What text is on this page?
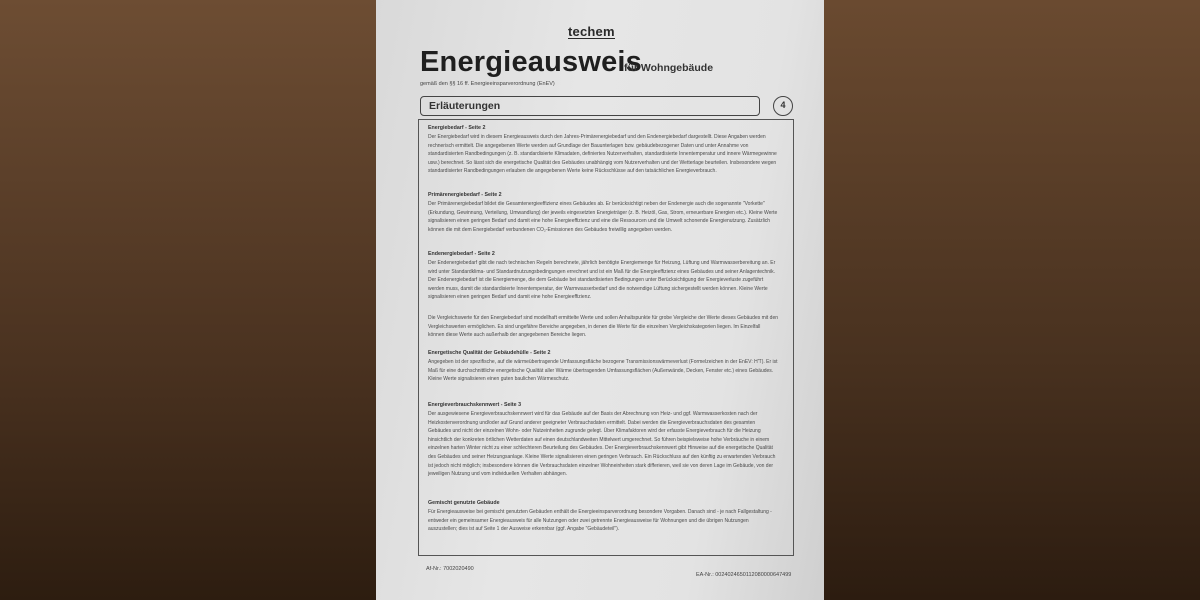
techem
Energieausweis
für Wohngebäude
gemäß den §§ 16 ff. Energieeinsparverordnung (EnEV)
Erläuterungen	4
Energiebedarf - Seite 2

Der Energiebedarf wird in diesem Energieausweis durch den Jahres-Primärenergiebedarf und den Endenergiebedarf dargestellt. Diese Angaben werden rechnerisch ermittelt. Die angegebenen Werte werden auf Grundlage der Bauunterlagen bzw. gebäudebezogener Daten und unter Annahme von standardisierten Randbedingungen (z. B. standardisierte Klimadaten, definiertes Nutzerverhalten, standardisierte Innentemperatur und innere Wärmegewinne usw.) berechnet. So lässt sich die energetische Qualität des Gebäudes unabhängig vom Nutzerverhalten und der Wetterlage beurteilen. Insbesondere wegen standardisierter Randbedingungen erlauben die angegebenen Werte keine Rückschlüsse auf den tatsächlichen Energieverbrauch.

Primärenergiebedarf - Seite 2

Der Primärenergiebedarf bildet die Gesamtenergieeffizienz eines Gebäudes ab. Er berücksichtigt neben der Endenergie auch die sogenannte "Vorkette" (Erkundung, Gewinnung, Verteilung, Umwandlung) der jeweils eingesetzten Energieträger (z. B. Heizöl, Gas, Strom, erneuerbare Energien etc.). Kleine Werte signalisieren einen geringen Bedarf und damit eine hohe Energieeffizienz und eine die Ressourcen und die Umwelt schonende Energienutzung. Zusätzlich können die mit dem Energiebedarf verbundenen CO₂-Emissionen des Gebäudes freiwillig angegeben werden.

Endenergiebedarf - Seite 2

Der Endenergiebedarf gibt die nach technischen Regeln berechnete, jährlich benötigte Energiemenge für Heizung, Lüftung und Warmwasserbereitung an. Er wird unter Standardklima- und Standardnutzungsbedingungen errechnet und ist ein Maß für die Energieeffizienz eines Gebäudes und seiner Anlagentechnik. Der Endenergiebedarf ist die Energiemenge, die dem Gebäude bei standardisierten Bedingungen unter Berücksichtigung der Energieverluste zugeführt werden muss, damit die standardisierte Innentemperatur, der Warmwasserbedarf und die notwendige Lüftung sichergestellt werden können. Kleine Werte signalisieren einen geringen Bedarf und damit eine hohe Energieeffizienz.

Die Vergleichswerte für den Energiebedarf sind modellhaft ermittelte Werte und sollen Anhaltspunkte für grobe Vergleiche der Werte dieses Gebäudes mit den Vergleichswerten ermöglichen. Es sind ungefähre Bereiche angegeben, in denen die Werte für die einzelnen Vergleichskategorien liegen. Im Einzelfall können diese Werte auch außerhalb der angegebenen Bereiche liegen.

Energetische Qualität der Gebäudehülle - Seite 2

Angegeben ist der spezifische, auf die wärmeübertragende Umfassungsfläche bezogene Transmissionswärmeverlust (Formelzeichen in der EnEV: H'T). Er ist Maß für eine durchschnittliche energetische Qualität aller Wärme übertragenden Umfassungsflächen (Außenwände, Decken, Fenster etc.) eines Gebäudes. Kleine Werte signalisieren einen guten baulichen Wärmeschutz.

Energieverbrauchskennwert - Seite 3

Der ausgewiesene Energieverbrauchskennwert wird für das Gebäude auf der Basis der Abrechnung von Heiz- und ggf. Warmwasserkosten nach der Heizkostenverordnung und/oder auf Grund anderer geeigneter Verbrauchsdaten ermittelt. Dabei werden die Energieverbrauchsdaten des gesamten Gebäudes und nicht der einzelnen Wohn- oder Nutzeinheiten zugrunde gelegt. Über Klimafaktoren wird der erfasste Energieverbrauch für die Heizung hinsichtlich der konkreten örtlichen Wetterdaten auf einen deutschlandweiten Mittelwert umgerechnet. So führen beispielsweise hohe Verbräuche in einem einzelnen harten Winter nicht zu einer schlechteren Beurteilung des Gebäudes. Der Energieverbrauchskennwert gibt Hinweise auf die energetische Qualität des Gebäudes und seiner Heizungsanlage. Kleine Werte signalisieren einen geringen Verbrauch. Ein Rückschluss auf den künftig zu erwartenden Verbrauch ist jedoch nicht möglich; insbesondere können die Verbrauchsdaten einzelner Wohneinheiten stark differieren, weil sie von deren Lage im Gebäude, von der jeweiligen Nutzung und vom individuellen Verhalten abhängen.

Gemischt genutzte Gebäude

Für Energieausweise bei gemischt genutzten Gebäuden enthält die Energieeinsparverordnung besondere Vorgaben. Danach sind - je nach Fallgestaltung - entweder ein gemeinsamer Energieausweis für alle Nutzungen oder zwei getrennte Energieausweise für Wohnungen und die übrigen Nutzungen auszustellen; dies ist auf Seite 1 der Ausweise erkennbar (ggf. Angabe "Gebäudeteil").

Af-Nr.: 7002020490
EA-Nr.: 0024024650112080000647499
